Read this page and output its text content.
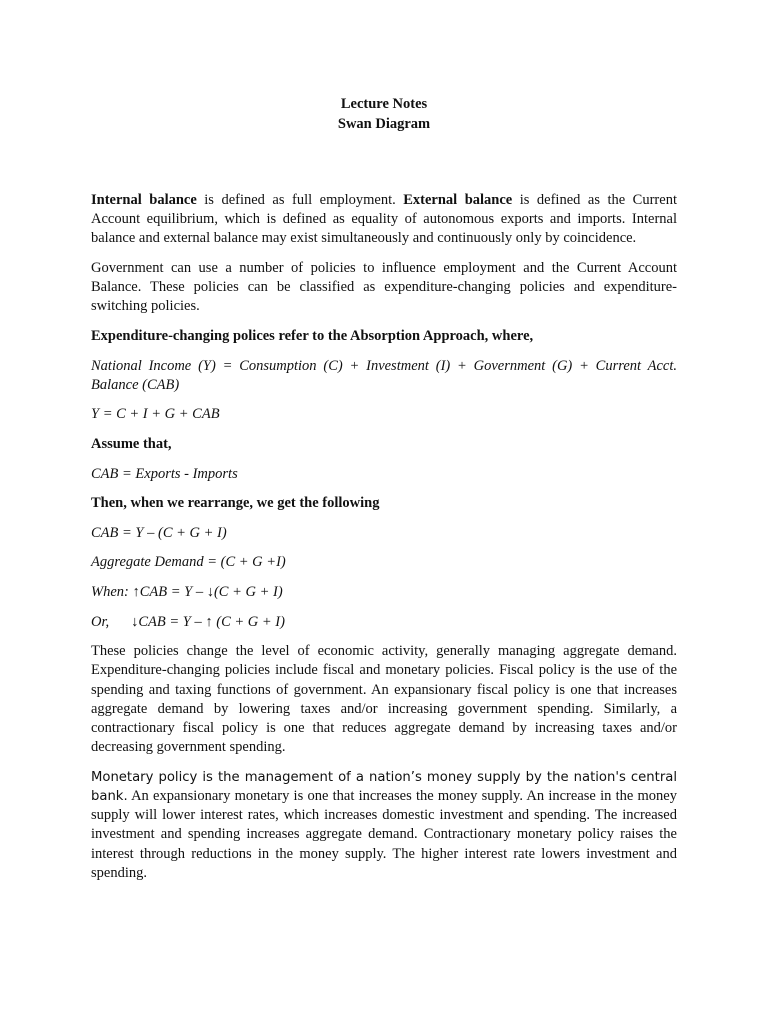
Lecture Notes
Swan Diagram

Internal balance is defined as full employment. External balance is defined as the Current Account equilibrium, which is defined as equality of autonomous exports and imports. Internal balance and external balance may exist simultaneously and continuously only by coincidence.

Government can use a number of policies to influence employment and the Current Account Balance. These policies can be classified as expenditure-changing policies and expenditure-switching policies.

Expenditure-changing polices refer to the Absorption Approach, where,

National Income (Y) = Consumption (C) + Investment (I) + Government (G) + Current Acct. Balance (CAB)

Y = C + I + G + CAB

Assume that,

CAB = Exports - Imports

Then, when we rearrange, we get the following

CAB = Y – (C + G + I)

Aggregate Demand = (C + G +I)

When: ↑CAB = Y – ↓(C + G + I)

Or, ↓CAB = Y – ↑ (C + G + I)

These policies change the level of economic activity, generally managing aggregate demand. Expenditure-changing policies include fiscal and monetary policies. Fiscal policy is the use of the spending and taxing functions of government. An expansionary fiscal policy is one that increases aggregate demand by lowering taxes and/or increasing government spending. Similarly, a contractionary fiscal policy is one that reduces aggregate demand by increasing taxes and/or decreasing government spending.

Monetary policy is the management of a nation’s money supply by the nation's central bank. An expansionary monetary is one that increases the money supply. An increase in the money supply will lower interest rates, which increases domestic investment and spending. The increased investment and spending increases aggregate demand. Contractionary monetary policy raises the interest through reductions in the money supply. The higher interest rate lowers investment and spending.
